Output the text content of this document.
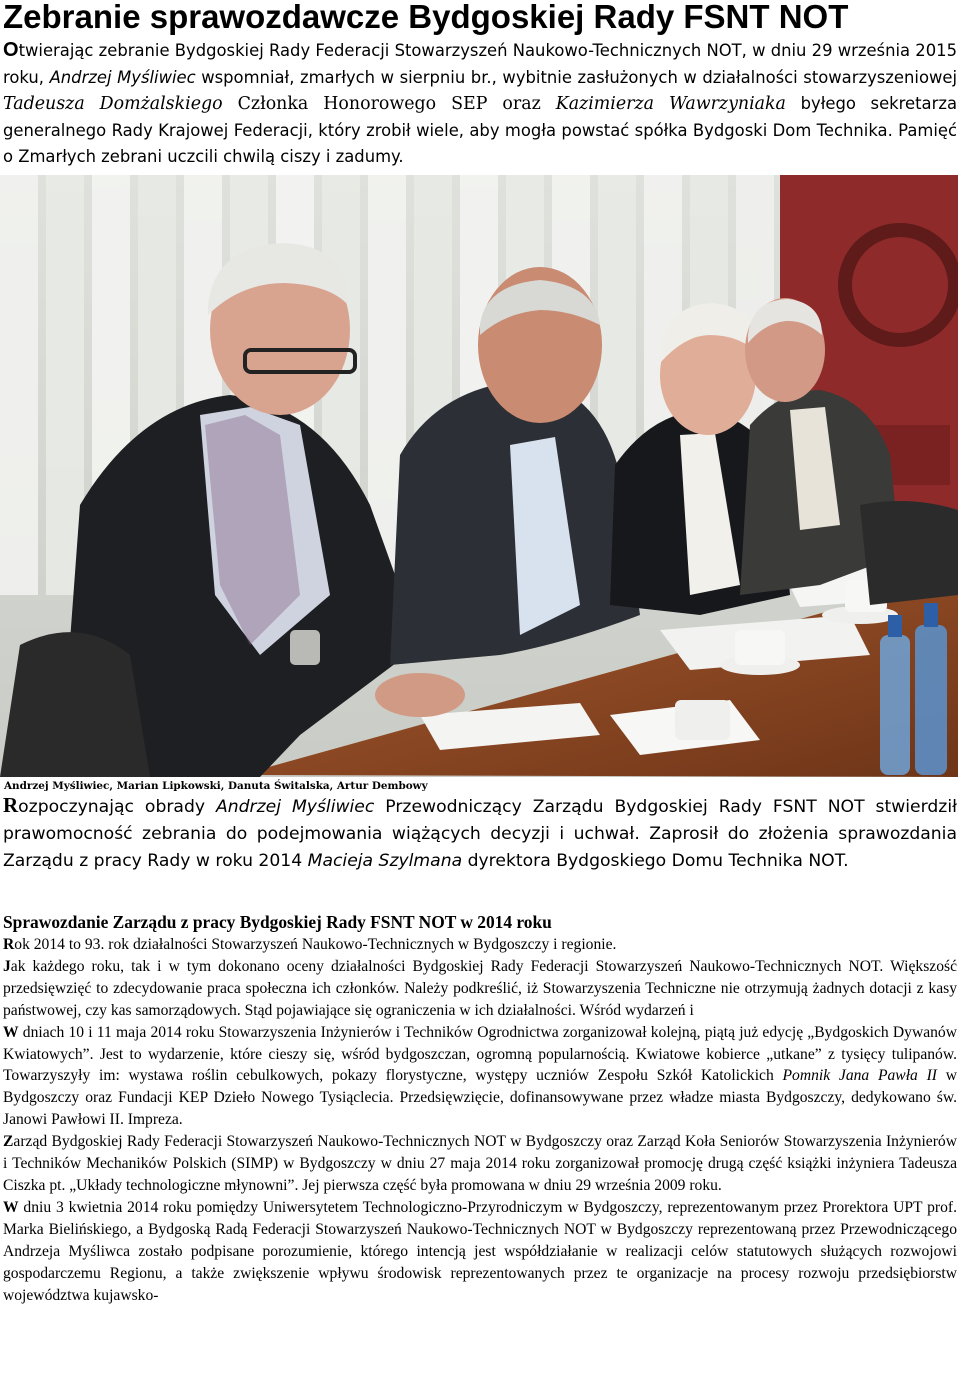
Zebranie sprawozdawcze Bydgoskiej Rady FSNT NOT

Otwierając zebranie Bydgoskiej Rady Federacji Stowarzyszeń Naukowo-Technicznych NOT, w dniu 29 września 2015 roku, Andrzej Myśliwiec wspomniał, zmarłych w sierpniu br., wybitnie zasłużonych w działalności stowarzyszeniowej Tadeusza Domżalskiego Członka Honorowego SEP oraz Kazimierza Wawrzyniaka byłego sekretarza generalnego Rady Krajowej Federacji, który zrobił wiele, aby mogła powstać spółka Bydgoski Dom Technika. Pamięć o Zmarłych zebrani uczcili chwilą ciszy i zadumy.

Andrzej Myśliwiec, Marian Lipkowski, Danuta Świtalska, Artur Dembowy

Rozpoczynając obrady Andrzej Myśliwiec Przewodniczący Zarządu Bydgoskiej Rady FSNT NOT stwierdził prawomocność zebrania do podejmowania wiążących decyzji i uchwał. Zaprosił do złożenia sprawozdania Zarządu z pracy Rady w roku 2014 Macieja Szylmana dyrektora Bydgoskiego Domu Technika NOT.

Sprawozdanie Zarządu z pracy Bydgoskiej Rady FSNT NOT w 2014 roku

Rok 2014 to 93. rok działalności Stowarzyszeń Naukowo-Technicznych w Bydgoszczy i regionie.

Jak każdego roku, tak i w tym dokonano oceny działalności Bydgoskiej Rady Federacji Stowarzyszeń Naukowo-Technicznych NOT. Większość przedsięwzięć to zdecydowanie praca społeczna ich członków. Należy podkreślić, iż Stowarzyszenia Techniczne nie otrzymują żadnych dotacji z kasy państwowej, czy kas samorządowych. Stąd pojawiające się ograniczenia w ich działalności. Wśród wydarzeń i

W dniach 10 i 11 maja 2014 roku Stowarzyszenia Inżynierów i Techników Ogrodnictwa zorganizował kolejną, piątą już edycję „Bydgoskich Dywanów Kwiatowych”. Jest to wydarzenie, które cieszy się, wśród bydgoszczan, ogromną popularnością. Kwiatowe kobierce „utkane” z tysięcy tulipanów. Towarzyszyły im: wystawa roślin cebulkowych, pokazy florystyczne, występy uczniów Zespołu Szkół Katolickich Pomnik Jana Pawła II w Bydgoszczy oraz Fundacji KEP Dzieło Nowego Tysiąclecia. Przedsięwzięcie, dofinansowywane przez władze miasta Bydgoszczy, dedykowano św. Janowi Pawłowi II. Impreza.

Zarząd Bydgoskiej Rady Federacji Stowarzyszeń Naukowo-Technicznych NOT w Bydgoszczy oraz Zarząd Koła Seniorów Stowarzyszenia Inżynierów i Techników Mechaników Polskich (SIMP) w Bydgoszczy w dniu 27 maja 2014 roku zorganizował promocję drugą część książki inżyniera Tadeusza Ciszka pt. „Układy technologiczne młynowni”. Jej pierwsza część była promowana w dniu 29 września 2009 roku.

W dniu 3 kwietnia 2014 roku pomiędzy Uniwersytetem Technologiczno-Przyrodniczym w Bydgoszczy, reprezentowanym przez Prorektora UPT prof. Marka Bielińskiego, a Bydgoską Radą Federacji Stowarzyszeń Naukowo-Technicznych NOT w Bydgoszczy reprezentowaną przez Przewodniczącego Andrzeja Myśliwca zostało podpisane porozumienie, którego intencją jest współdziałanie w realizacji celów statutowych służących rozwojowi gospodarczemu Regionu, a także zwiększenie wpływu środowisk reprezentowanych przez te organizacje na procesy rozwoju przedsiębiorstw województwa kujawsko-
